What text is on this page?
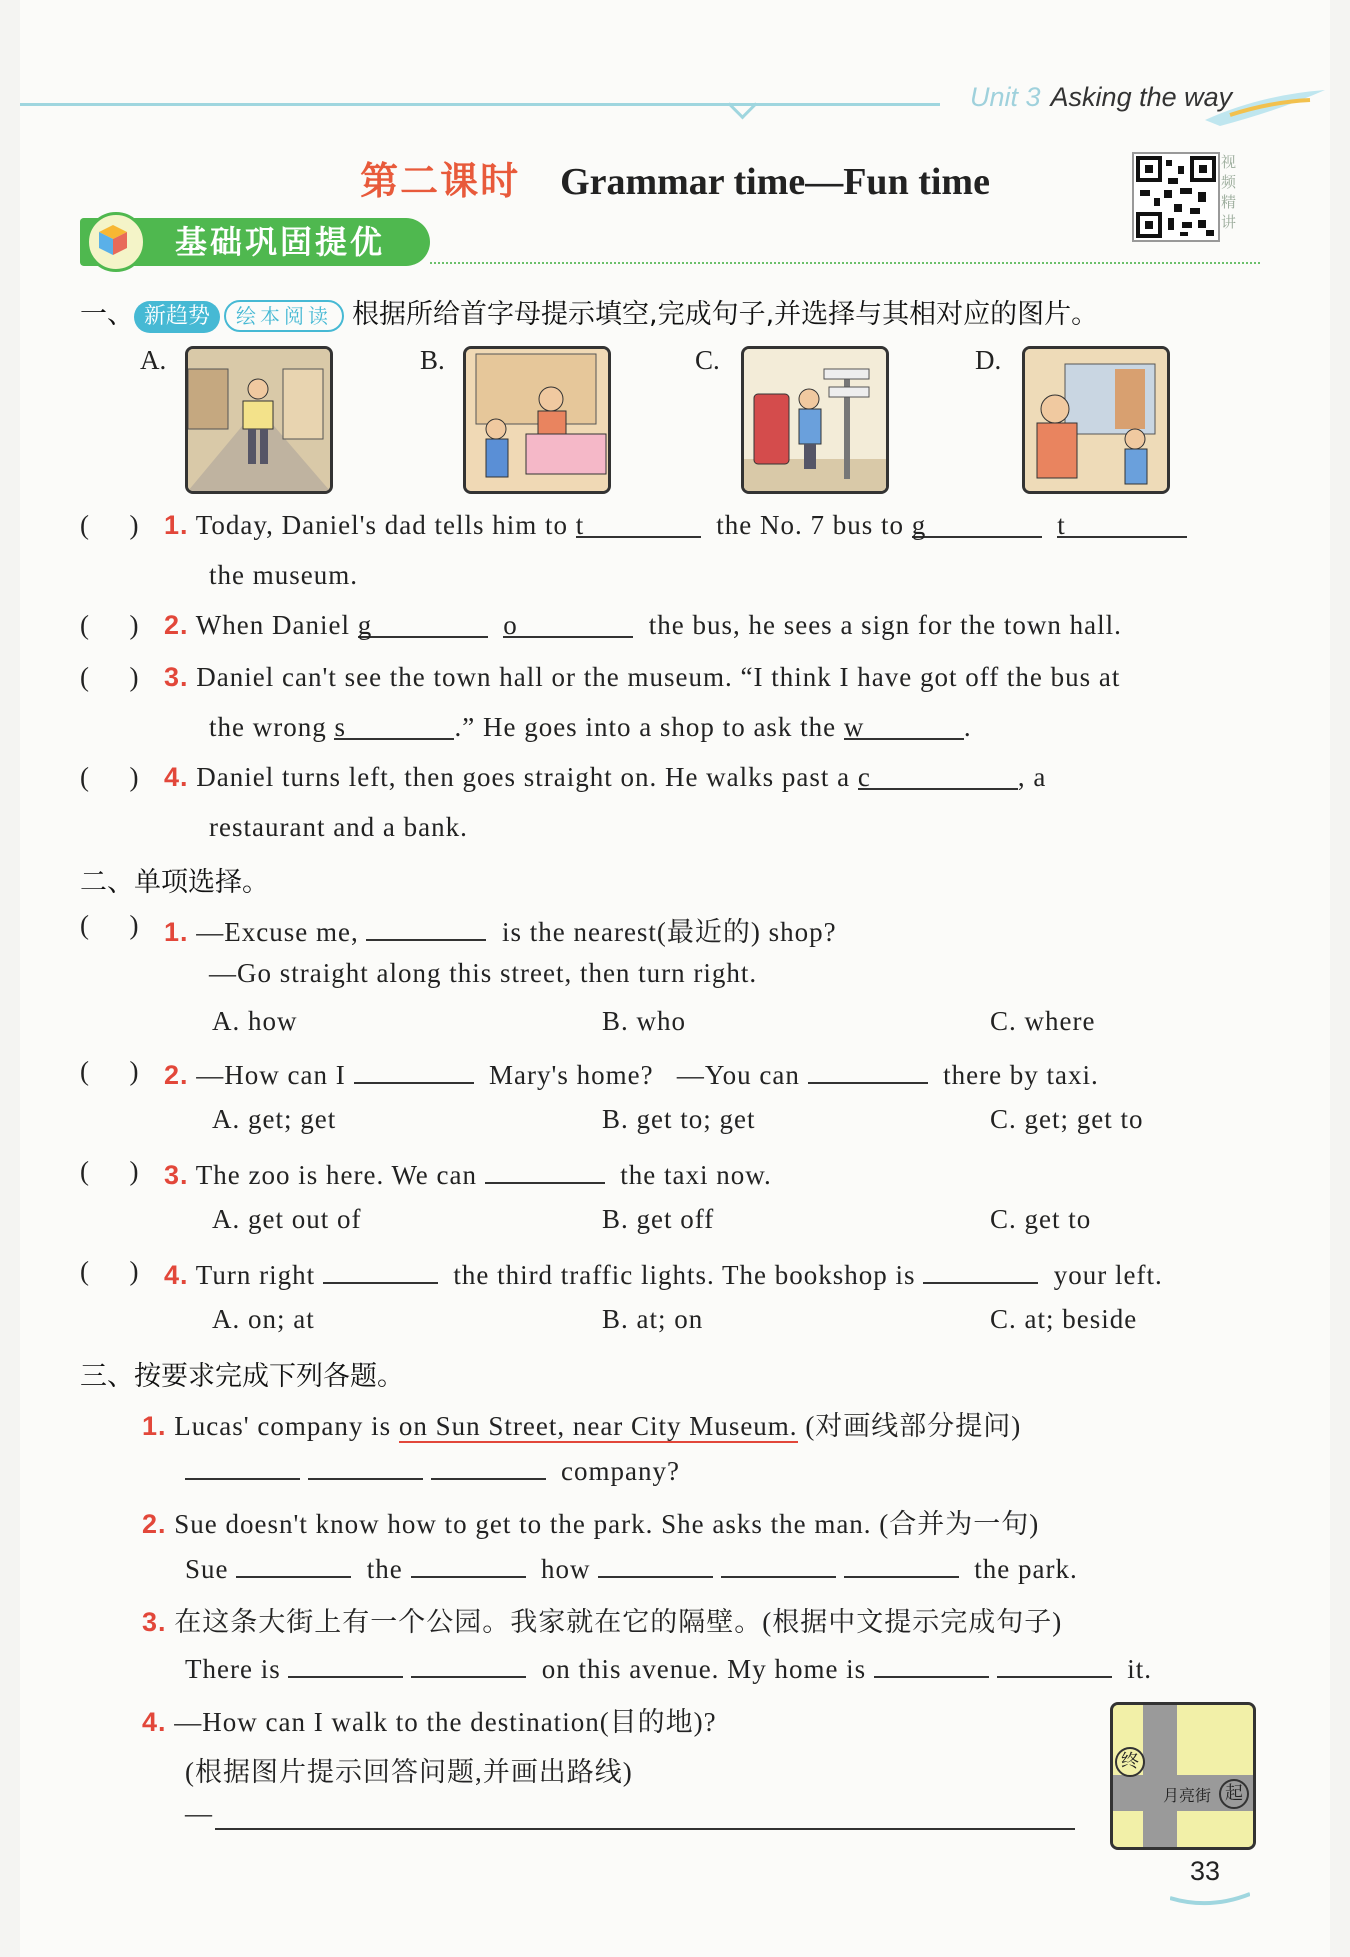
Unit 3 Asking the way
第二课时 Grammar time—Fun time	视频精讲
基础巩固提优
一、 新趋势 绘本阅读 根据所给首字母提示填空,完成句子,并选择与其相对应的图片。
A.	B.	C.	D.
(      ) 1. Today, Daniel's dad tells him to t	the No. 7 bus to g	t
the museum.
(      ) 2. When Daniel g	o	the bus, he sees a sign for the town hall.
(      ) 3. Daniel can't see the town hall or the museum. “I think I have got off the bus at
the wrong s	.” He goes into a shop to ask the w	.
(      ) 4. Daniel turns left, then goes straight on. He walks past a c	, a
restaurant and a bank.
二、单项选择。
(      ) 1. —Excuse me,	is the nearest(最近的) shop?
—Go straight along this street, then turn right.
A. how	B. who	C. where
(      ) 2. —How can I	Mary's home? —You can	there by taxi.
A. get; get	B. get to; get	C. get; get to
(      ) 3. The zoo is here. We can	the taxi now.
A. get out of	B. get off	C. get to
(      ) 4. Turn right	the third traffic lights. The bookshop is	your left.
A. on; at	B. at; on	C. at; beside
三、按要求完成下列各题。
1. Lucas' company is on Sun Street, near City Museum. (对画线部分提问)
company?
2. Sue doesn't know how to get to the park. She asks the man. (合并为一句)
Sue	the	how	the park.
3. 在这条大街上有一个公园。我家就在它的隔壁。(根据中文提示完成句子)
There is	on this avenue. My home is	it.
4. —How can I walk to the destination(目的地)?
(根据图片提示回答问题,并画出路线)
—
终
月亮街 起
33
